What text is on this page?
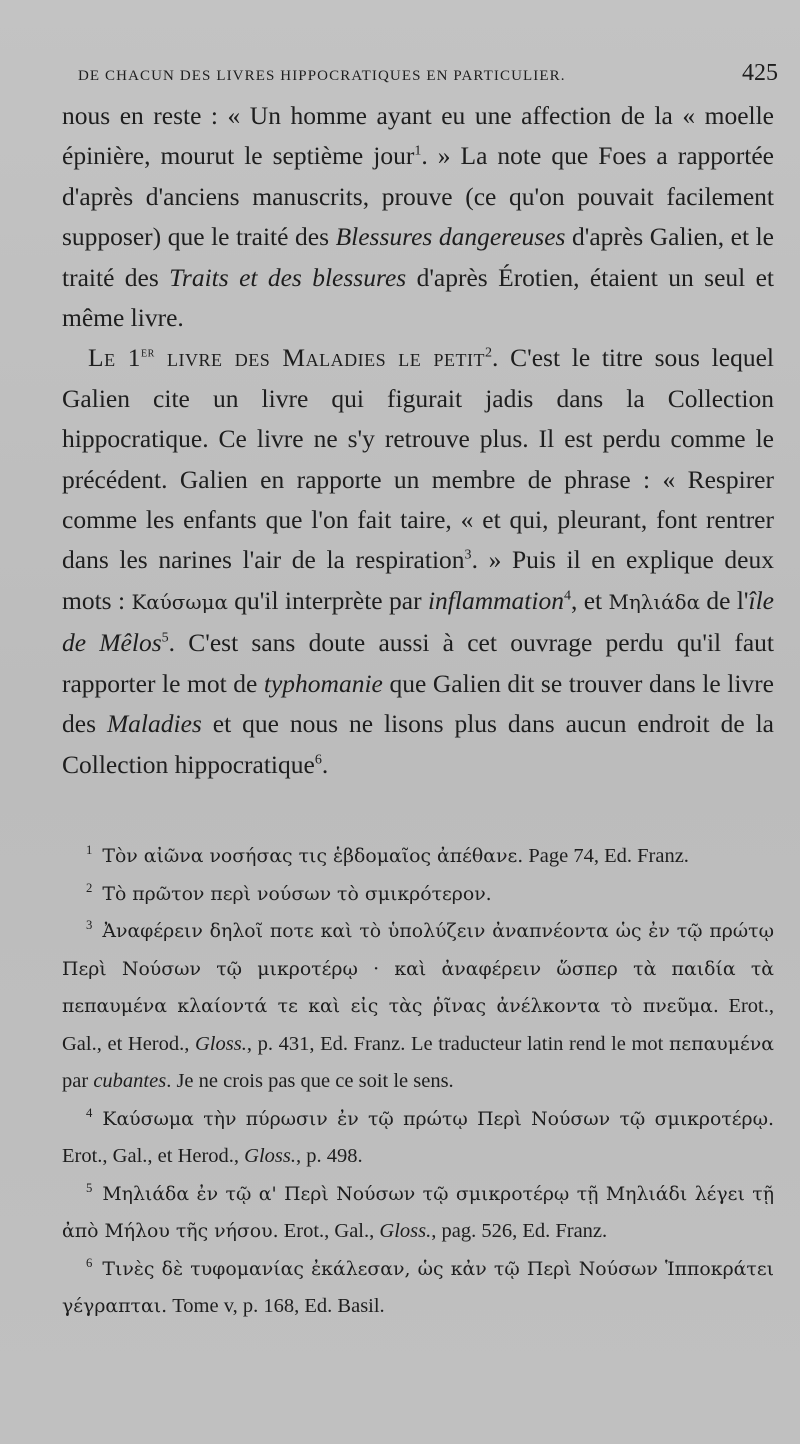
DE CHACUN DES LIVRES HIPPOCRATIQUES EN PARTICULIER.	425

nous en reste : « Un homme ayant eu une affection de la « moelle épinière, mourut le septième jour$^1$. » La note que Foes a rapportée d'après d'anciens manuscrits, prouve (ce qu'on pouvait facilement supposer) que le traité des Blessures dangereuses d'après Galien, et le traité des Traits et des blessures d'après Érotien, étaient un seul et même livre.

Le 1er livre des Maladies le petit$^2$. C'est le titre sous lequel Galien cite un livre qui figurait jadis dans la Collection hippocratique. Ce livre ne s'y retrouve plus. Il est perdu comme le précédent. Galien en rapporte un membre de phrase : « Respirer comme les enfants que l'on fait taire, « et qui, pleurant, font rentrer dans les narines l'air de la respiration$^3$. » Puis il en explique deux mots : Καύσωμα qu'il interprète par inflammation$^4$, et Μηλιάδα de l'île de Mêlos$^5$. C'est sans doute aussi à cet ouvrage perdu qu'il faut rapporter le mot de typhomanie que Galien dit se trouver dans le livre des Maladies et que nous ne lisons plus dans aucun endroit de la Collection hippocratique$^6$.

$^1$ Τὸν αἰῶνα νοσήσας τις ἑβδομαῖος ἀπέθανε. Page 74, Ed. Franz.

$^2$ Τὸ πρῶτον περὶ νούσων τὸ σμικρότερον.

$^3$ Ἀναφέρειν δηλοῖ ποτε καὶ τὸ ὑπολύζειν ἀναπνέοντα ὡς ἐν τῷ πρώτῳ Περὶ Νούσων τῷ μικροτέρῳ · καὶ ἀναφέρειν ὥσπερ τὰ παιδία τὰ πεπαυμένα κλαίοντά τε καὶ εἰς τὰς ῥῖνας ἀνέλκοντα τὸ πνεῦμα. Erot., Gal., et Herod., Gloss., p. 431, Ed. Franz. Le traducteur latin rend le mot πεπαυμένα par cubantes. Je ne crois pas que ce soit le sens.

$^4$ Καύσωμα τὴν πύρωσιν ἐν τῷ πρώτῳ Περὶ Νούσων τῷ σμικροτέρῳ. Erot., Gal., et Herod., Gloss., p. 498.

$^5$ Μηλιάδα ἐν τῷ α' Περὶ Νούσων τῷ σμικροτέρῳ τῇ Μηλιάδι λέγει τῇ ἀπὸ Μήλου τῆς νήσου. Erot., Gal., Gloss., pag. 526, Ed. Franz.

$^6$ Τινὲς δὲ τυφομανίας ἐκάλεσαν, ὡς κἀν τῷ Περὶ Νούσων Ἱπποκράτει γέγραπται. Tome v, p. 168, Ed. Basil.
